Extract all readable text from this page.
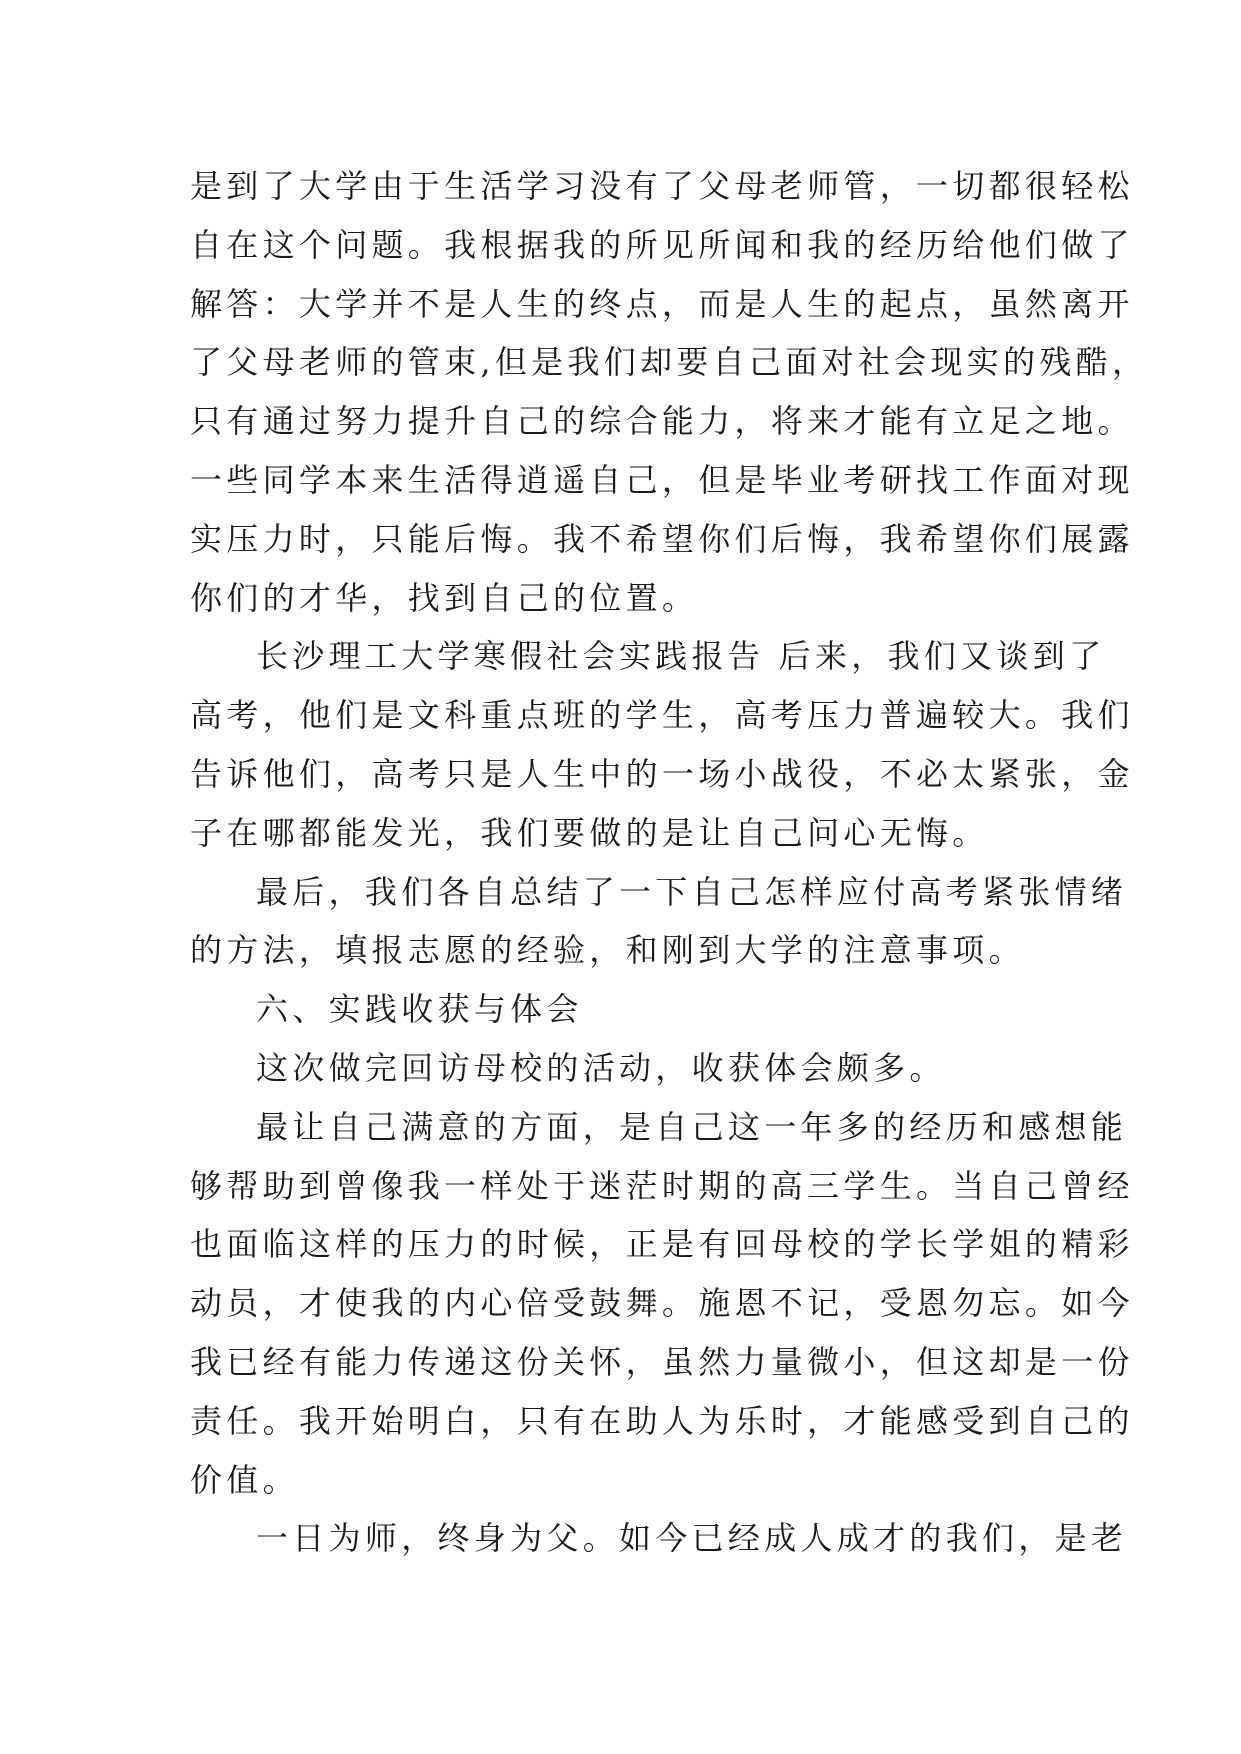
是到了大学由于生活学习没有了父母老师管，一切都很轻松
自在这个问题。我根据我的所见所闻和我的经历给他们做了
解答：大学并不是人生的终点，而是人生的起点，虽然离开
了父母老师的管束,但是我们却要自己面对社会现实的残酷，
只有通过努力提升自己的综合能力，将来才能有立足之地。
一些同学本来生活得逍遥自己，但是毕业考研找工作面对现
实压力时，只能后悔。我不希望你们后悔，我希望你们展露
你们的才华，找到自己的位置。
长沙理工大学寒假社会实践报告 后来，我们又谈到了
高考，他们是文科重点班的学生，高考压力普遍较大。我们
告诉他们，高考只是人生中的一场小战役，不必太紧张，金
子在哪都能发光，我们要做的是让自己问心无悔。
最后，我们各自总结了一下自己怎样应付高考紧张情绪
的方法，填报志愿的经验，和刚到大学的注意事项。
六、实践收获与体会
这次做完回访母校的活动，收获体会颇多。
最让自己满意的方面，是自己这一年多的经历和感想能
够帮助到曾像我一样处于迷茫时期的高三学生。当自己曾经
也面临这样的压力的时候，正是有回母校的学长学姐的精彩
动员，才使我的内心倍受鼓舞。施恩不记，受恩勿忘。如今
我已经有能力传递这份关怀，虽然力量微小，但这却是一份
责任。我开始明白，只有在助人为乐时，才能感受到自己的
价值。
一日为师，终身为父。如今已经成人成才的我们，是老
